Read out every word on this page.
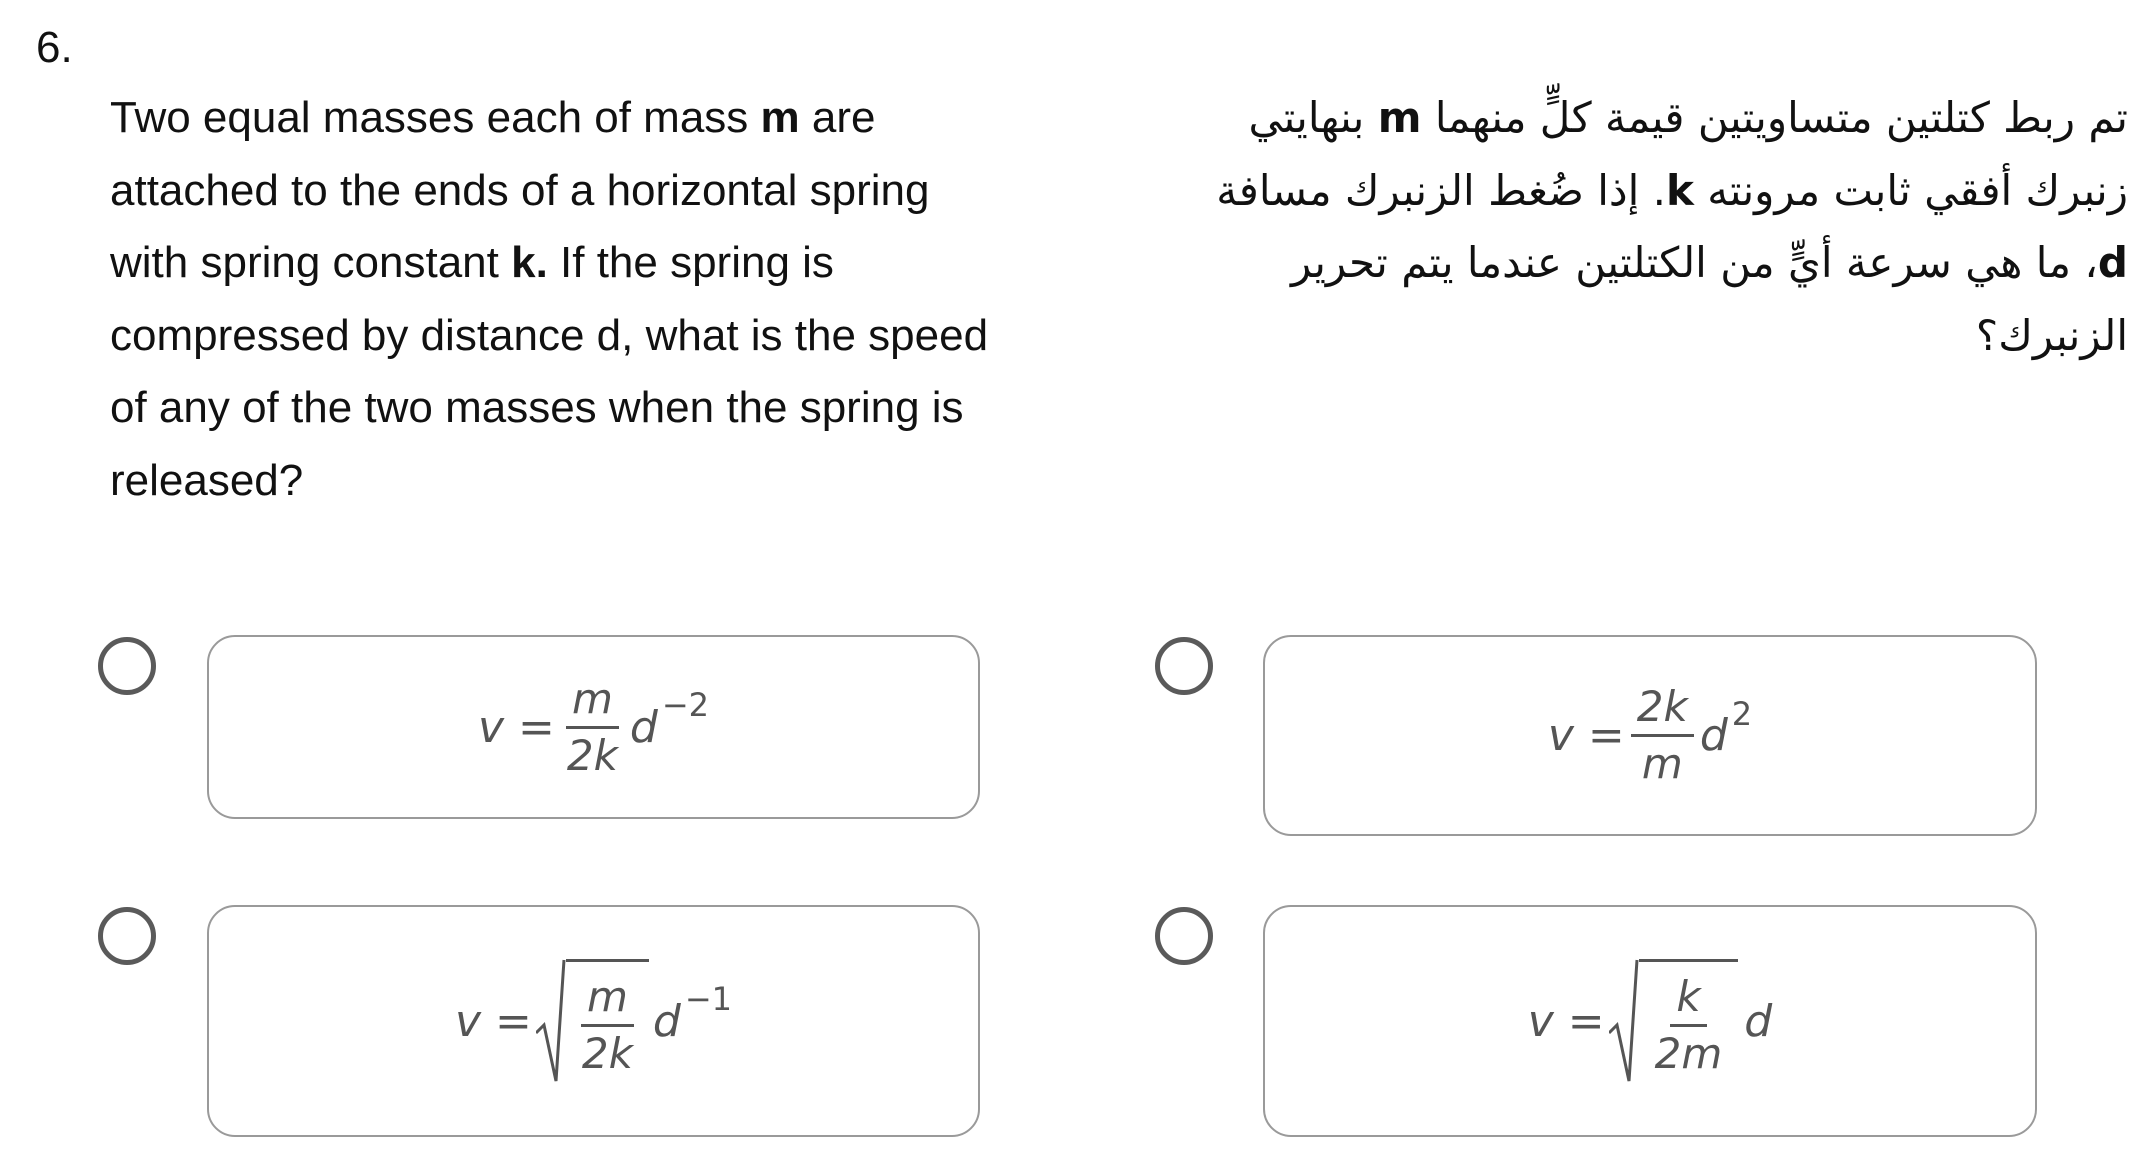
6.
Two equal masses each of mass m are
attached to the ends of a horizontal spring
with spring constant k. If the spring is
compressed by distance d, what is the speed
of any of the two masses when the spring is
released?
تم ربط كتلتين متساويتين قيمة كلٍّ منهما m بنهايتي
زنبرك أفقي ثابت مرونته k. إذا ضُغط الزنبرك مسافة
d، ما هي سرعة أيٍّ من الكتلتين عندما يتم تحرير
الزنبرك؟
$v = \frac{m}{2k}$ d −2
$v = \frac{2k}{m}$ d 2
$v = \frac{m}{2k}$ d −1	$v = \frac{k}{2m}$ d
